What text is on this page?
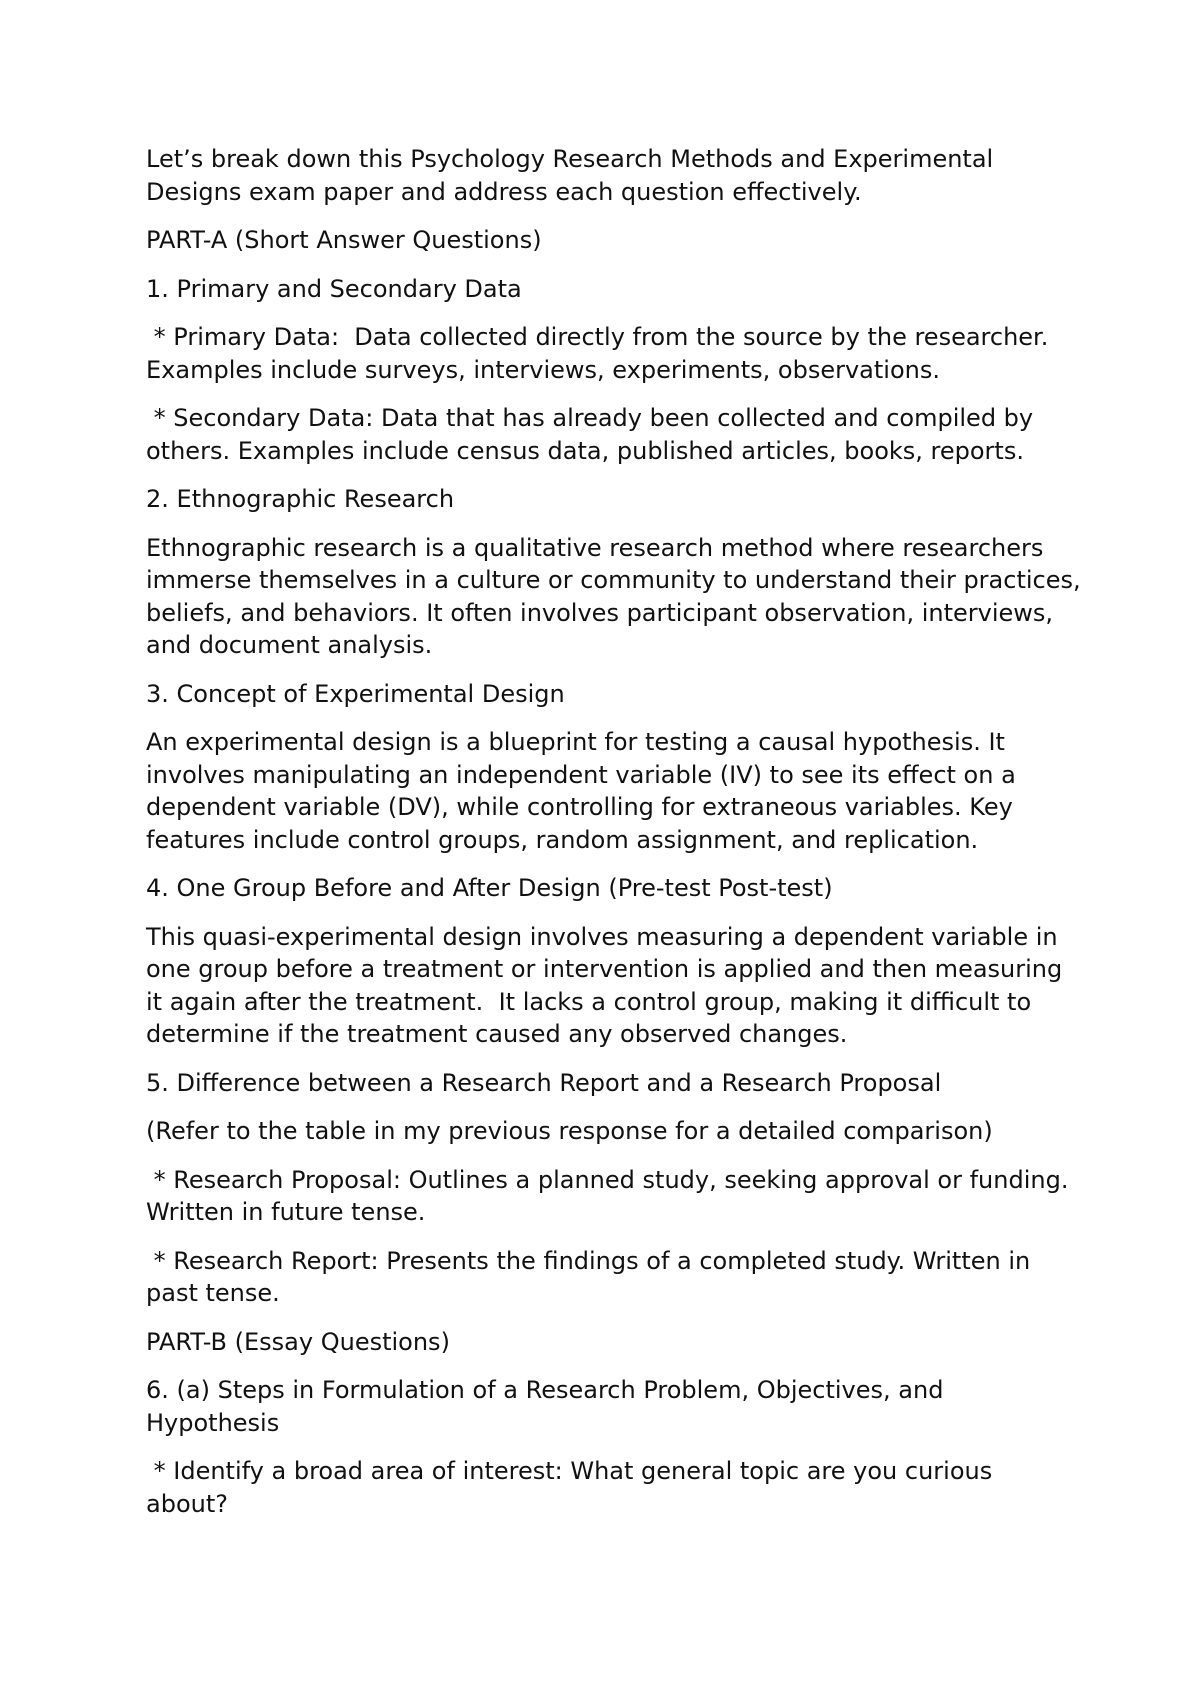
Let’s break down this Psychology Research Methods and Experimental Designs exam paper and address each question effectively.

PART-A (Short Answer Questions)

1. Primary and Secondary Data

* Primary Data:  Data collected directly from the source by the researcher. Examples include surveys, interviews, experiments, observations.

* Secondary Data: Data that has already been collected and compiled by others. Examples include census data, published articles, books, reports.

2. Ethnographic Research

Ethnographic research is a qualitative research method where researchers immerse themselves in a culture or community to understand their practices, beliefs, and behaviors. It often involves participant observation, interviews, and document analysis.

3. Concept of Experimental Design

An experimental design is a blueprint for testing a causal hypothesis. It involves manipulating an independent variable (IV) to see its effect on a dependent variable (DV), while controlling for extraneous variables. Key features include control groups, random assignment, and replication.

4. One Group Before and After Design (Pre-test Post-test)

This quasi-experimental design involves measuring a dependent variable in one group before a treatment or intervention is applied and then measuring it again after the treatment.  It lacks a control group, making it difficult to determine if the treatment caused any observed changes.

5. Difference between a Research Report and a Research Proposal

(Refer to the table in my previous response for a detailed comparison)

* Research Proposal: Outlines a planned study, seeking approval or funding. Written in future tense.

* Research Report: Presents the findings of a completed study. Written in past tense.

PART-B (Essay Questions)

6. (a) Steps in Formulation of a Research Problem, Objectives, and Hypothesis

* Identify a broad area of interest: What general topic are you curious about?
